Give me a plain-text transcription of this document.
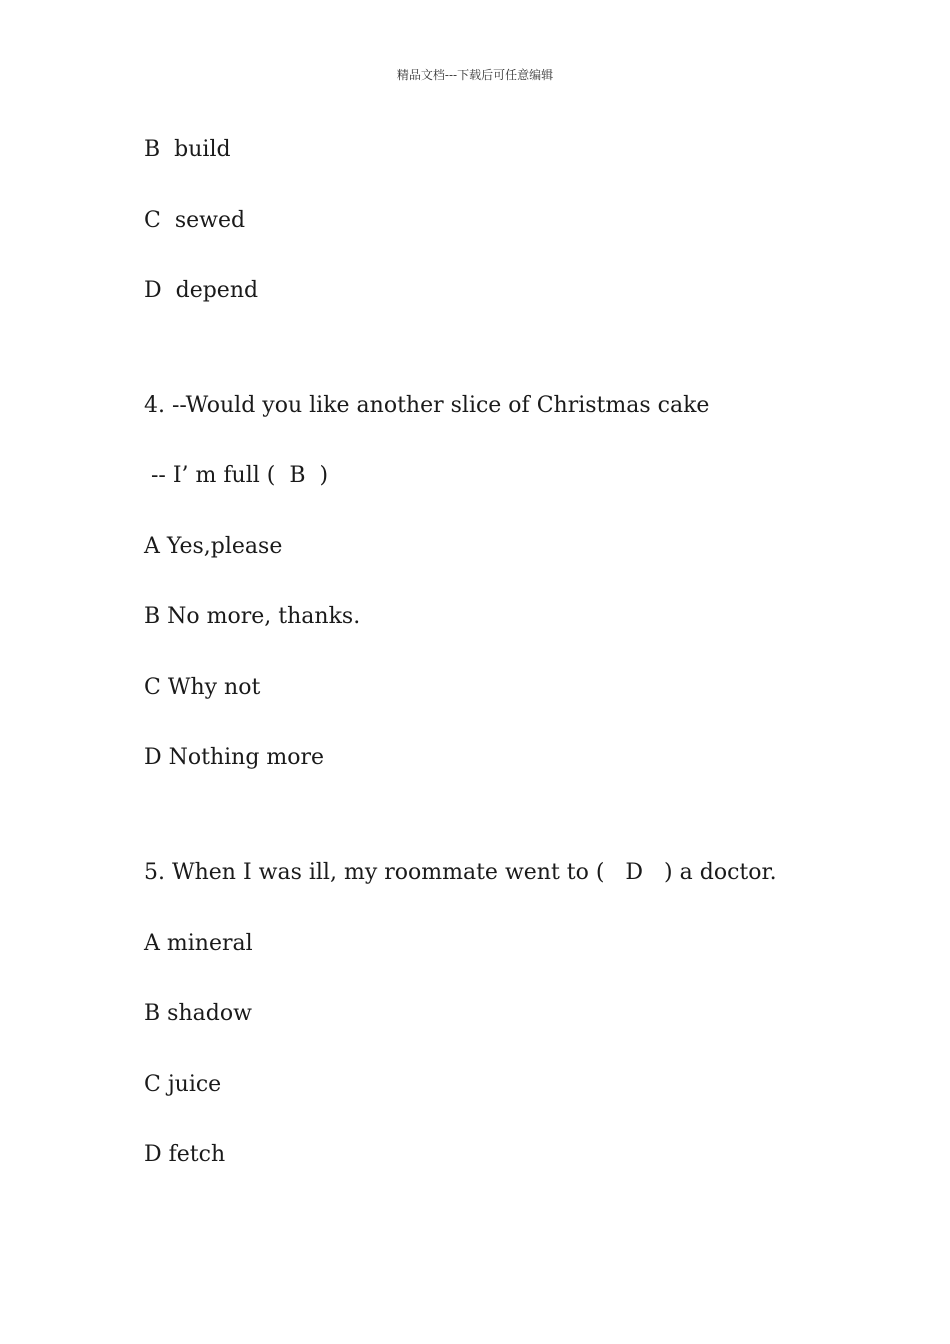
精品文档---下载后可任意编辑
B  build
C  sewed
D  depend
4. --Would you like another slice of Christmas cake
-- I’ m full (  B  )
A Yes,please
B No more, thanks.
C Why not
D Nothing more
5. When I was ill, my roommate went to (   D   ) a doctor.
A mineral
B shadow
C juice
D fetch
